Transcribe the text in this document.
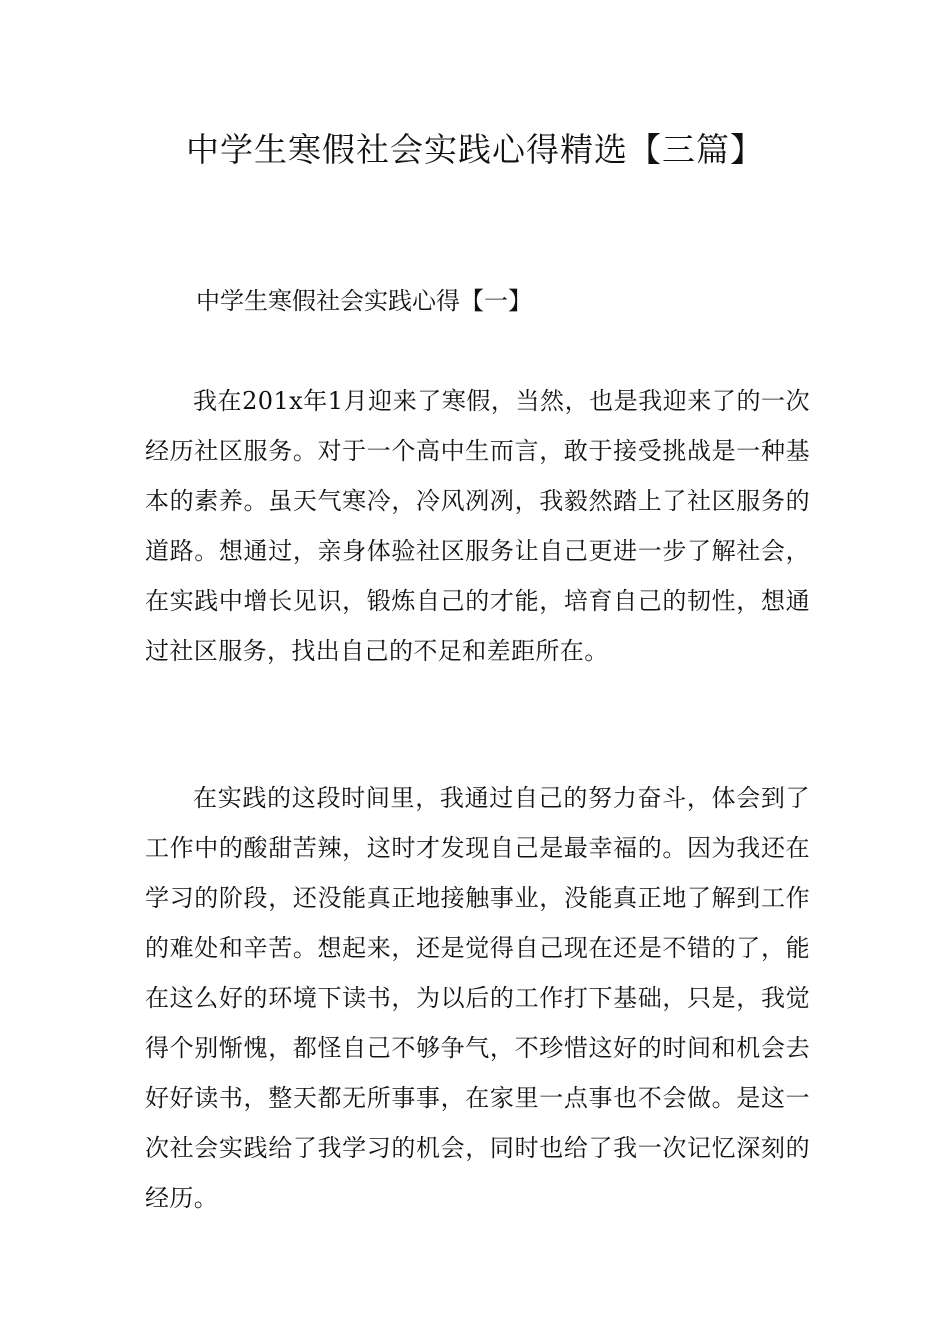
中学生寒假社会实践心得精选【三篇】
中学生寒假社会实践心得【一】

我在201x年1月迎来了寒假，当然，也是我迎来了的一次经历社区服务。对于一个高中生而言，敢于接受挑战是一种基本的素养。虽天气寒冷，冷风冽冽，我毅然踏上了社区服务的道路。想通过，亲身体验社区服务让自己更进一步了解社会，在实践中增长见识，锻炼自己的才能，培育自己的韧性，想通过社区服务，找出自己的不足和差距所在。

在实践的这段时间里，我通过自己的努力奋斗，体会到了工作中的酸甜苦辣，这时才发现自己是最幸福的。因为我还在学习的阶段，还没能真正地接触事业，没能真正地了解到工作的难处和辛苦。想起来，还是觉得自己现在还是不错的了，能在这么好的环境下读书，为以后的工作打下基础，只是，我觉得个别惭愧，都怪自己不够争气，不珍惜这好的时间和机会去好好读书，整天都无所事事，在家里一点事也不会做。是这一次社会实践给了我学习的机会，同时也给了我一次记忆深刻的经历。
